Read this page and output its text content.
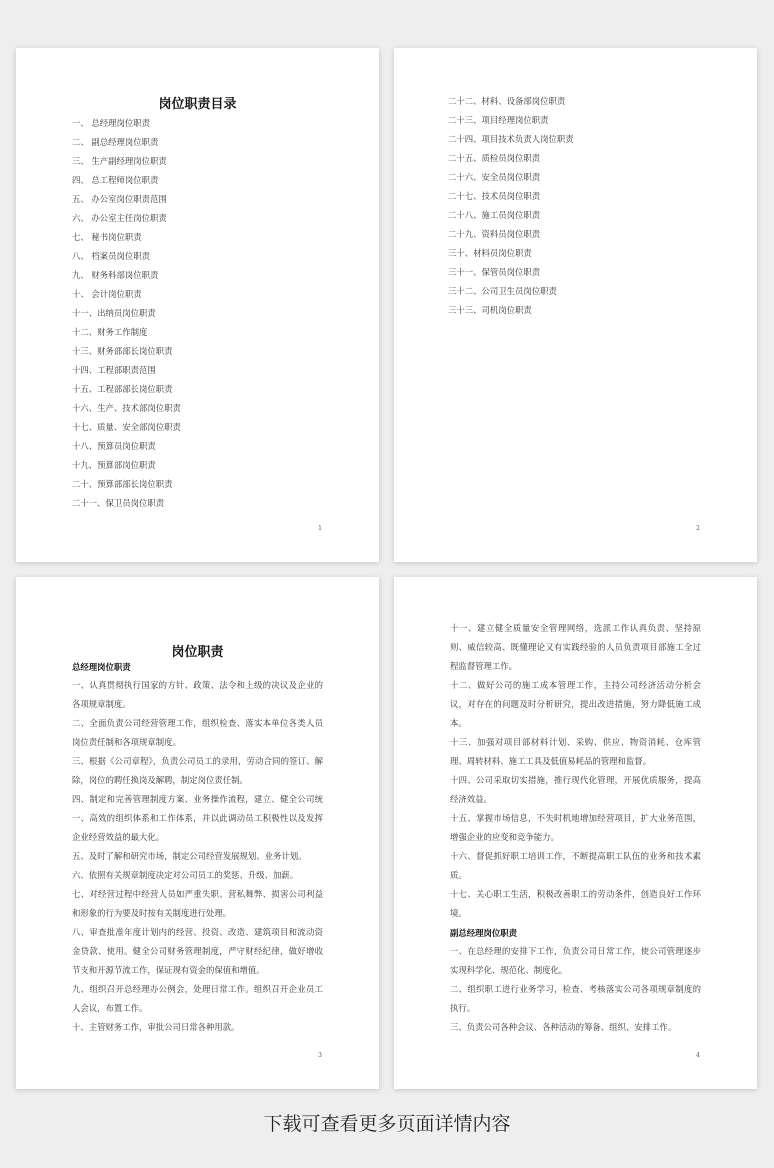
岗位职责目录
一、 总经理岗位职责
二、 副总经理岗位职责
三、 生产副经理岗位职责
四、 总工程师岗位职责
五、 办公室岗位职责范围
六、 办公室主任岗位职责
七、 秘书岗位职责
八、 档案员岗位职责
九、 财务科部岗位职责
十、 会计岗位职责
十一、出纳员岗位职责
十二、财务工作制度
十三、财务部部长岗位职责
十四、工程部职责范围
十五、工程部部长岗位职责
十六、生产、技术部岗位职责
十七、质量、安全部岗位职责
十八、预算员岗位职责
十九、预算部岗位职责
二十、预算部部长岗位职责
二十一、保卫员岗位职责
1
二十二、材料、设备部岗位职责
二十三、项目经理岗位职责
二十四、项目技术负责人岗位职责
二十五、质检员岗位职责
二十六、安全员岗位职责
二十七、技术员岗位职责
二十八、施工员岗位职责
二十九、资料员岗位职责
三十、材料员岗位职责
三十一、保管员岗位职责
三十二、公司卫生员岗位职责
三十三、司机岗位职责
2
岗位职责
总经理岗位职责

一、认真贯彻执行国家的方针、政策、法令和上级的决议及企业的各项规章制度。

二、全面负责公司经营管理工作，组织检查、落实本单位各类人员岗位责任制和各项规章制度。

三、根据《公司章程》，负责公司员工的录用，劳动合同的签订、解除，岗位的聘任换岗及解聘，制定岗位责任制。

四、制定和完善管理制度方案、业务操作流程，建立、健全公司统一、高效的组织体系和工作体系，并以此调动员工积极性以及发挥企业经营效益的最大化。

五、及时了解和研究市场，制定公司经营发展规划、业务计划。

六、依照有关规章制度决定对公司员工的奖惩、升级、加薪。

七、对经营过程中经营人员如严重失职、营私舞弊、损害公司利益和形象的行为要及时按有关制度进行处理。

八、审查批准年度计划内的经营、投资、改造、建筑项目和流动资金贷款、使用。健全公司财务管理制度，严守财经纪律，做好增收节支和开源节流工作，保证现有资金的保值和增值。

九、组织召开总经理办公例会，处理日常工作。组织召开企业员工人会议，布置工作。

十、主管财务工作，审批公司日常各种用款。

3

十一、建立健全质量安全管理网络，选派工作认真负责、坚持原则、威信较高、既懂理论又有实践经验的人员负责项目部施工全过程监督管理工作。

十二、做好公司的施工成本管理工作，主持公司经济活动分析会议，对存在的问题及时分析研究，提出改进措施，努力降低施工成本。

十三、加强对项目部材料计划、采购、供应、物资消耗、仓库管理、周转材料、施工工具及低值易耗品的管理和监督。

十四、公司采取切实措施，推行现代化管理，开展优质服务，提高经济效益。

十五、掌握市场信息，不失时机地增加经营项目，扩大业务范围，增强企业的应变和竞争能力。

十六、督促抓好职工培训工作，不断提高职工队伍的业务和技术素质。

十七、关心职工生活，积极改善职工的劳动条件，创造良好工作环境。

副总经理岗位职责

一、在总经理的安排下工作，负责公司日常工作，使公司管理逐步实现科学化、规范化、制度化。

二、组织职工进行业务学习，检查、考核落实公司各项规章制度的执行。

三、负责公司各种会议、各种活动的筹备、组织、安排工作。

4
下载可查看更多页面详情内容
